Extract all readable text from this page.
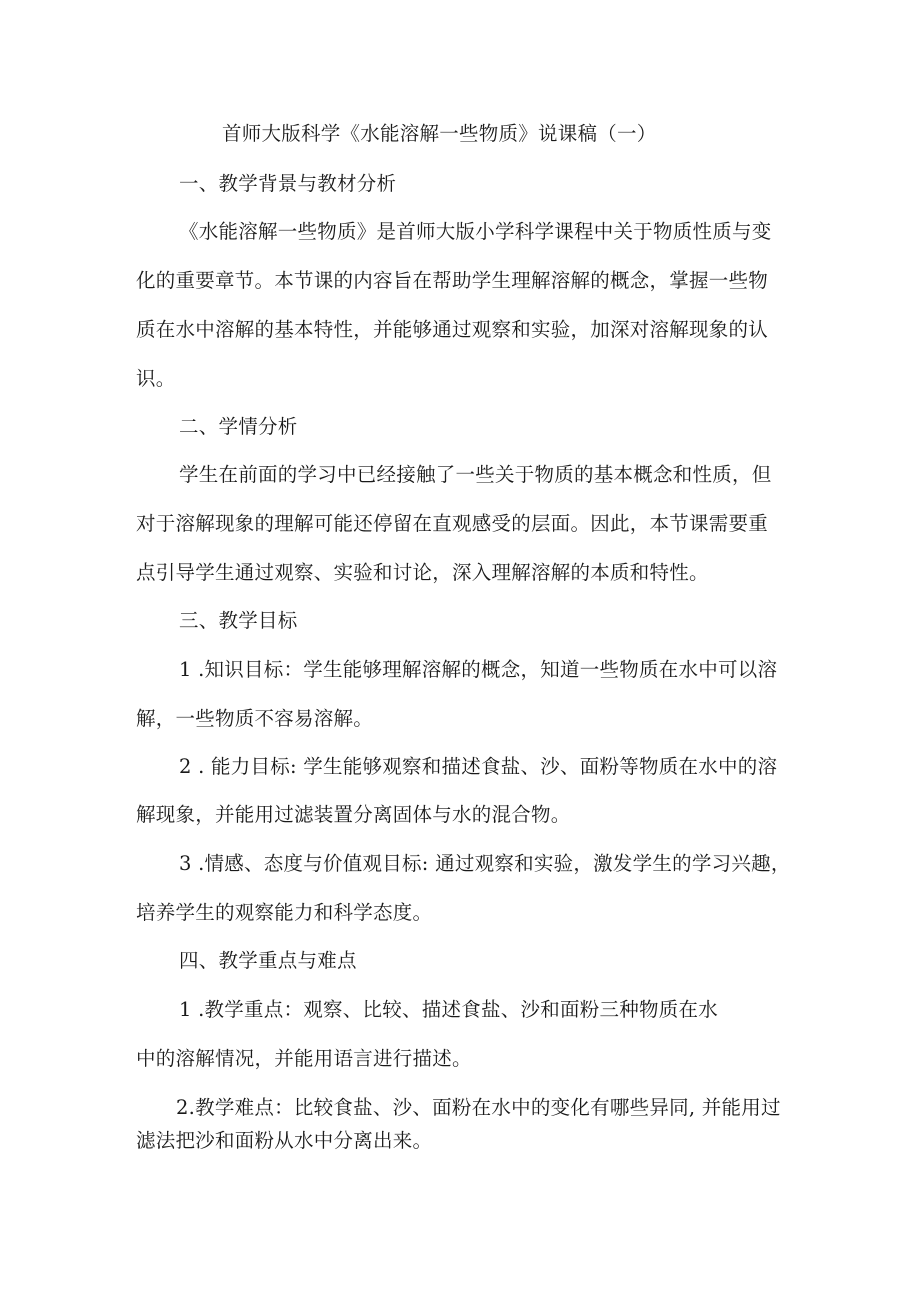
首师大版科学《水能溶解一些物质》说课稿（一）
一、教学背景与教材分析
《水能溶解一些物质》是首师大版小学科学课程中关于物质性质与变
化的重要章节。本节课的内容旨在帮助学生理解溶解的概念，掌握一些物
质在水中溶解的基本特性，并能够通过观察和实验，加深对溶解现象的认
识。
二、学情分析
学生在前面的学习中已经接触了一些关于物质的基本概念和性质，但
对于溶解现象的理解可能还停留在直观感受的层面。因此，本节课需要重
点引导学生通过观察、实验和讨论，深入理解溶解的本质和特性。
三、教学目标
1 .知识目标：学生能够理解溶解的概念，知道一些物质在水中可以溶
解，一些物质不容易溶解。
2 . 能力目标: 学生能够观察和描述食盐、沙、面粉等物质在水中的溶
解现象，并能用过滤装置分离固体与水的混合物。
3 .情感、态度与价值观目标: 通过观察和实验，激发学生的学习兴趣，
培养学生的观察能力和科学态度。
四、教学重点与难点
1 .教学重点：观察、比较、描述食盐、沙和面粉三种物质在水
中的溶解情况，并能用语言进行描述。
2.教学难点：比较食盐、沙、面粉在水中的变化有哪些异同, 并能用过
滤法把沙和面粉从水中分离出来。
